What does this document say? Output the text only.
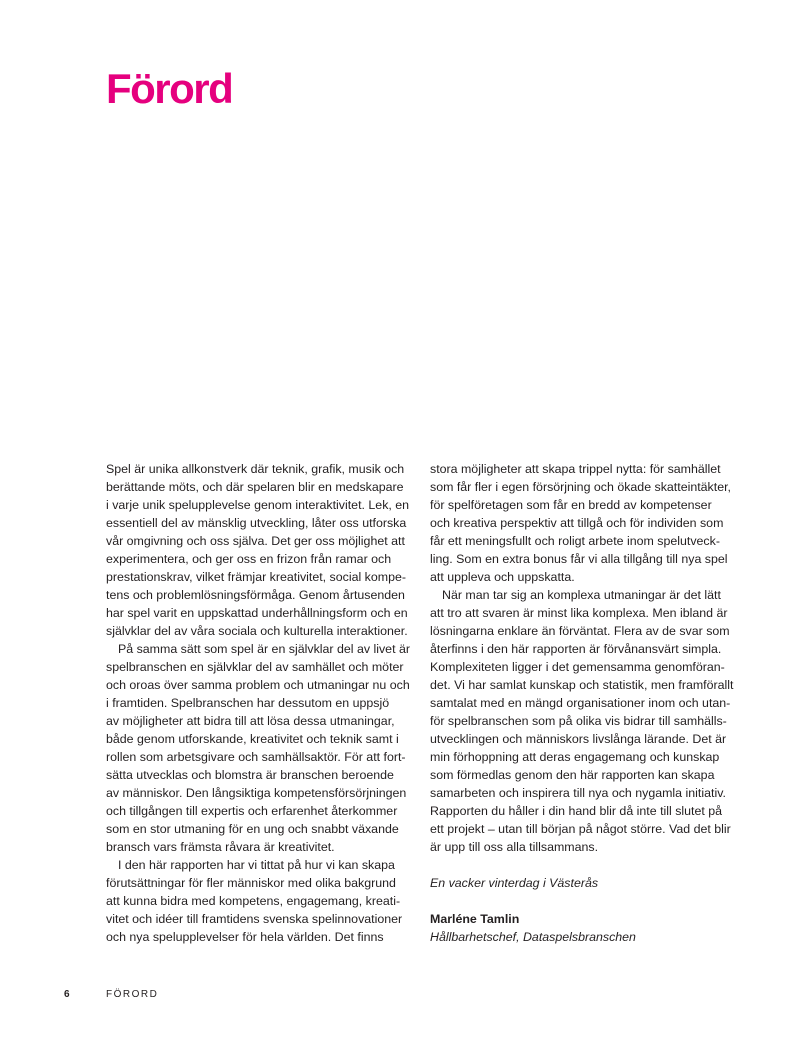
Förord
Spel är unika allkonstverk där teknik, grafik, musik och
berättande möts, och där spelaren blir en medskapare
i varje unik spelupplevelse genom interaktivitet. Lek, en
essentiell del av mänsklig utveckling, låter oss utforska
vår omgivning och oss själva. Det ger oss möjlighet att
experimentera, och ger oss en frizon från ramar och
prestationskrav, vilket främjar kreativitet, social kompe-
tens och problemlösningsförmåga. Genom årtusenden
har spel varit en uppskattad underhållningsform och en
självklar del av våra sociala och kulturella interaktioner.
På samma sätt som spel är en självklar del av livet är
spelbranschen en självklar del av samhället och möter
och oroas över samma problem och utmaningar nu och
i framtiden. Spelbranschen har dessutom en uppsjö
av möjligheter att bidra till att lösa dessa utmaningar,
både genom utforskande, kreativitet och teknik samt i
rollen som arbetsgivare och samhällsaktör. För att fort-
sätta utvecklas och blomstra är branschen beroende
av människor. Den långsiktiga kompetensförsörjningen
och tillgången till expertis och erfarenhet återkommer
som en stor utmaning för en ung och snabbt växande
bransch vars främsta råvara är kreativitet.
I den här rapporten har vi tittat på hur vi kan skapa
förutsättningar för fler människor med olika bakgrund
att kunna bidra med kompetens, engagemang, kreati-
vitet och idéer till framtidens svenska spelinnovationer
och nya spelupplevelser för hela världen. Det finns
stora möjligheter att skapa trippel nytta: för samhället
som får fler i egen försörjning och ökade skatteintäkter,
för spelföretagen som får en bredd av kompetenser
och kreativa perspektiv att tillgå och för individen som
får ett meningsfullt och roligt arbete inom spelutveck-
ling. Som en extra bonus får vi alla tillgång till nya spel
att uppleva och uppskatta.
När man tar sig an komplexa utmaningar är det lätt
att tro att svaren är minst lika komplexa. Men ibland är
lösningarna enklare än förväntat. Flera av de svar som
återfinns i den här rapporten är förvånansvärt simpla.
Komplexiteten ligger i det gemensamma genomföran-
det. Vi har samlat kunskap och statistik, men framförallt
samtalat med en mängd organisationer inom och utan-
för spelbranschen som på olika vis bidrar till samhälls-
utvecklingen och människors livslånga lärande. Det är
min förhoppning att deras engagemang och kunskap
som förmedlas genom den här rapporten kan skapa
samarbeten och inspirera till nya och nygamla initiativ.
Rapporten du håller i din hand blir då inte till slutet på
ett projekt – utan till början på något större. Vad det blir
är upp till oss alla tillsammans.
En vacker vinterdag i Västerås
Marléne Tamlin
Hållbarhetschef, Dataspelsbranschen
6	FÖRORD
